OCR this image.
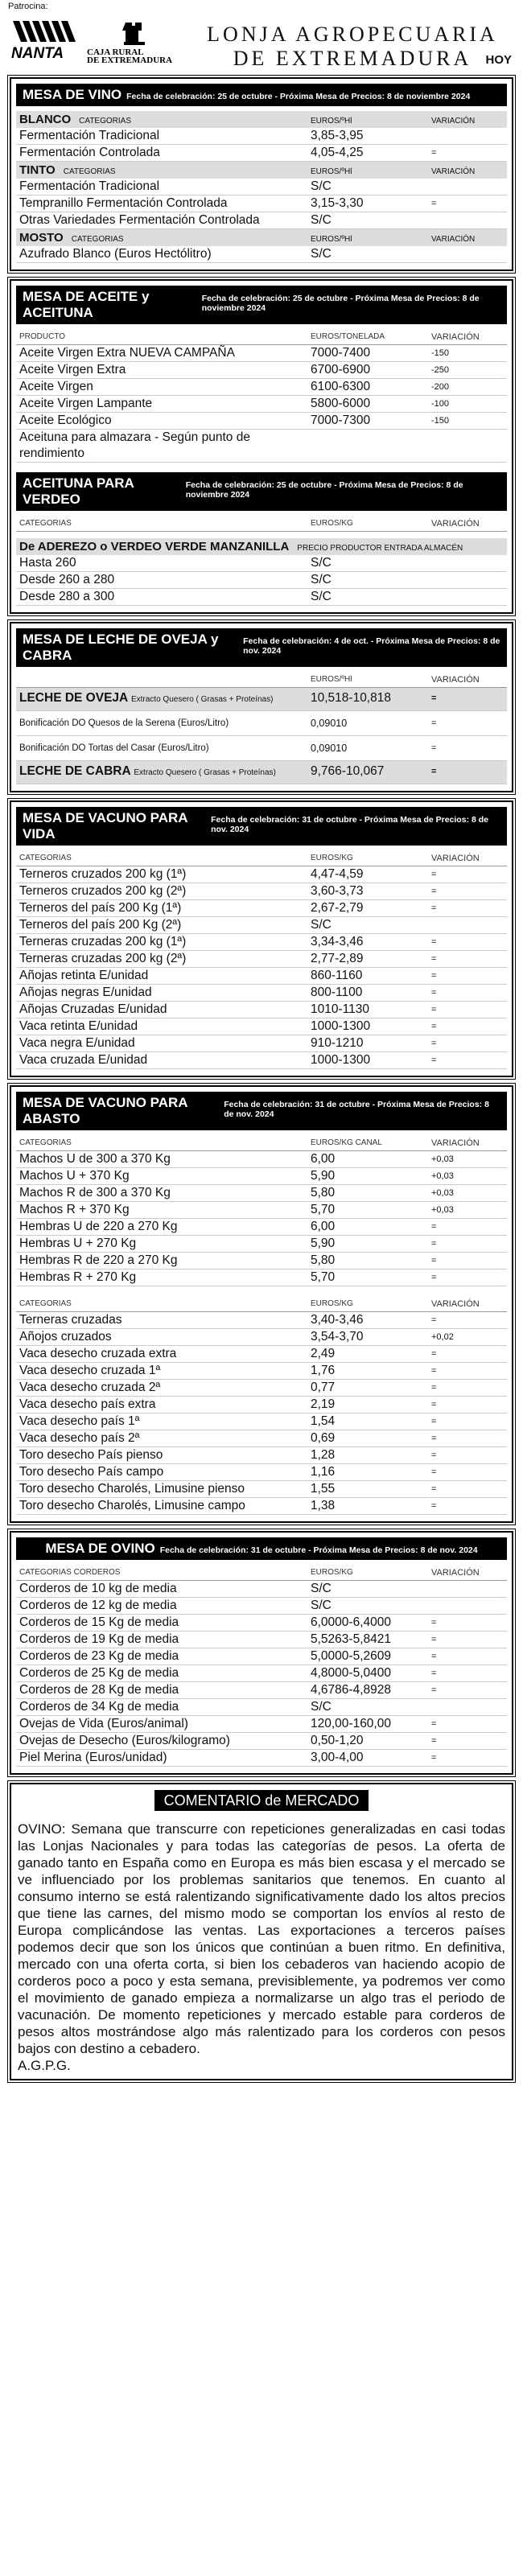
Patrocina:
NANTA	CAJA RURAL
DE EXTREMADURA
LONJA AGROPECUARIA DE EXTREMADURA	HOY
MESA DE VINO Fecha de celebración: 25 de octubre - Próxima Mesa de Precios: 8 de noviembre 2024
BLANCO CATEGORIAS	EUROS/ºHl	VARIACIÓN
Fermentación Tradicional	3,85-3,95
Fermentación Controlada	4,05-4,25	=
TINTO CATEGORIAS	EUROS/ºHl	VARIACIÓN
Fermentación Tradicional	S/C
Tempranillo Fermentación Controlada	3,15-3,30	=
Otras Variedades Fermentación Controlada	S/C
MOSTO CATEGORIAS	EUROS/ºHl	VARIACIÓN
Azufrado Blanco (Euros Hectólitro)	S/C
MESA DE ACEITE y ACEITUNA
Fecha de celebración: 25 de octubre - Próxima Mesa de Precios: 8 de noviembre 2024
PRODUCTO	EUROS/TONELADA	VARIACIÓN
Aceite Virgen Extra NUEVA CAMPAÑA	7000-7400	-150
Aceite Virgen Extra	6700-6900	-250
Aceite Virgen	6100-6300	-200
Aceite Virgen Lampante	5800-6000	-100
Aceite Ecológico	7000-7300	-150
Aceituna para almazara - Según punto de rendimiento
ACEITUNA PARA VERDEO
Fecha de celebración: 25 de octubre - Próxima Mesa de Precios: 8 de noviembre 2024
CATEGORIAS	EUROS/KG	VARIACIÓN
De ADEREZO o VERDEO VERDE MANZANILLA PRECIO PRODUCTOR ENTRADA ALMACÉN
Hasta 260	S/C
Desde 260 a 280	S/C
Desde 280 a 300	S/C
MESA DE LECHE DE OVEJA y CABRA
Fecha de celebración: 4 de oct. - Próxima Mesa de Precios: 8 de nov. 2024
EUROS/ºHl	VARIACIÓN
LECHE DE OVEJA Extracto Quesero ( Grasas + Proteínas)	10,518-10,818	=
Bonificación DO Quesos de la Serena (Euros/Litro)	0,09010	=
Bonificación DO Tortas del Casar (Euros/Litro)	0,09010	=
LECHE DE CABRA Extracto Quesero ( Grasas + Proteínas)	9,766-10,067	=
MESA DE VACUNO PARA VIDA
Fecha de celebración: 31 de octubre - Próxima Mesa de Precios: 8 de nov. 2024
CATEGORIAS	EUROS/KG	VARIACIÓN
Terneros cruzados 200 kg (1ª)	4,47-4,59	=
Terneros cruzados 200 kg (2ª)	3,60-3,73	=
Terneros del país 200 Kg (1ª)	2,67-2,79	=
Terneros del país 200 Kg (2ª)	S/C
Terneras cruzadas 200 kg (1ª)	3,34-3,46	=
Terneras cruzadas 200 kg (2ª)	2,77-2,89	=
Añojas retinta E/unidad	860-1160	=
Añojas negras E/unidad	800-1100	=
Añojas Cruzadas E/unidad	1010-1130	=
Vaca retinta E/unidad	1000-1300	=
Vaca negra E/unidad	910-1210	=
Vaca cruzada E/unidad	1000-1300	=
MESA DE VACUNO PARA ABASTO
Fecha de celebración: 31 de octubre - Próxima Mesa de Precios: 8 de nov. 2024
CATEGORIAS	EUROS/KG CANAL	VARIACIÓN
Machos U de 300 a 370 Kg	6,00	+0,03
Machos U + 370 Kg	5,90	+0,03
Machos R de 300 a 370 Kg	5,80	+0,03
Machos R + 370 Kg	5,70	+0,03
Hembras U de 220 a 270 Kg	6,00	=
Hembras U + 270 Kg	5,90	=
Hembras R de 220 a 270 Kg	5,80	=
Hembras R + 270 Kg	5,70	=
CATEGORIAS	EUROS/KG	VARIACIÓN
Terneras cruzadas	3,40-3,46	=
Añojos cruzados	3,54-3,70	+0,02
Vaca desecho cruzada extra	2,49	=
Vaca desecho cruzada 1ª	1,76	=
Vaca desecho cruzada 2ª	0,77	=
Vaca desecho país extra	2,19	=
Vaca desecho país 1ª	1,54	=
Vaca desecho país 2ª	0,69	=
Toro desecho País pienso	1,28	=
Toro desecho País campo	1,16	=
Toro desecho Charolés, Limusine pienso	1,55	=
Toro desecho Charolés, Limusine campo	1,38	=
MESA DE OVINO Fecha de celebración: 31 de octubre - Próxima Mesa de Precios: 8 de nov. 2024
CATEGORIAS CORDEROS	EUROS/KG	VARIACIÓN
Corderos de 10 kg de media	S/C
Corderos de 12 kg de media	S/C
Corderos de 15 Kg de media	6,0000-6,4000	=
Corderos de 19 Kg de media	5,5263-5,8421	=
Corderos de 23 Kg de media	5,0000-5,2609	=
Corderos de 25 Kg de media	4,8000-5,0400	=
Corderos de 28 Kg de media	4,6786-4,8928	=
Corderos de 34 Kg de media	S/C
Ovejas de Vida (Euros/animal)	120,00-160,00	=
Ovejas de Desecho (Euros/kilogramo)	0,50-1,20	=
Piel Merina (Euros/unidad)	3,00-4,00	=
COMENTARIO de MERCADO
OVINO: Semana que transcurre con repeticiones generalizadas en casi todas las Lonjas Nacionales y para todas las categorías de pesos. La oferta de ganado tanto en España como en Europa es más bien escasa y el mercado se ve influenciado por los problemas sanitarios que tenemos. En cuanto al consumo interno se está ralentizando significativamente dado los altos precios que tiene las carnes, del mismo modo se comportan los envíos al resto de Europa complicándose las ventas. Las exportaciones a terceros países podemos decir que son los únicos que continúan a buen ritmo. En definitiva, mercado con una oferta corta, si bien los cebaderos van haciendo acopio de corderos poco a poco y esta semana, previsiblemente, ya podremos ver como el movimiento de ganado empieza a normalizarse un algo tras el periodo de vacunación. De momento repeticiones y mercado estable para corderos de pesos altos mostrándose algo más ralentizado para los corderos con pesos bajos con destino a cebadero.
A.G.P.G.
